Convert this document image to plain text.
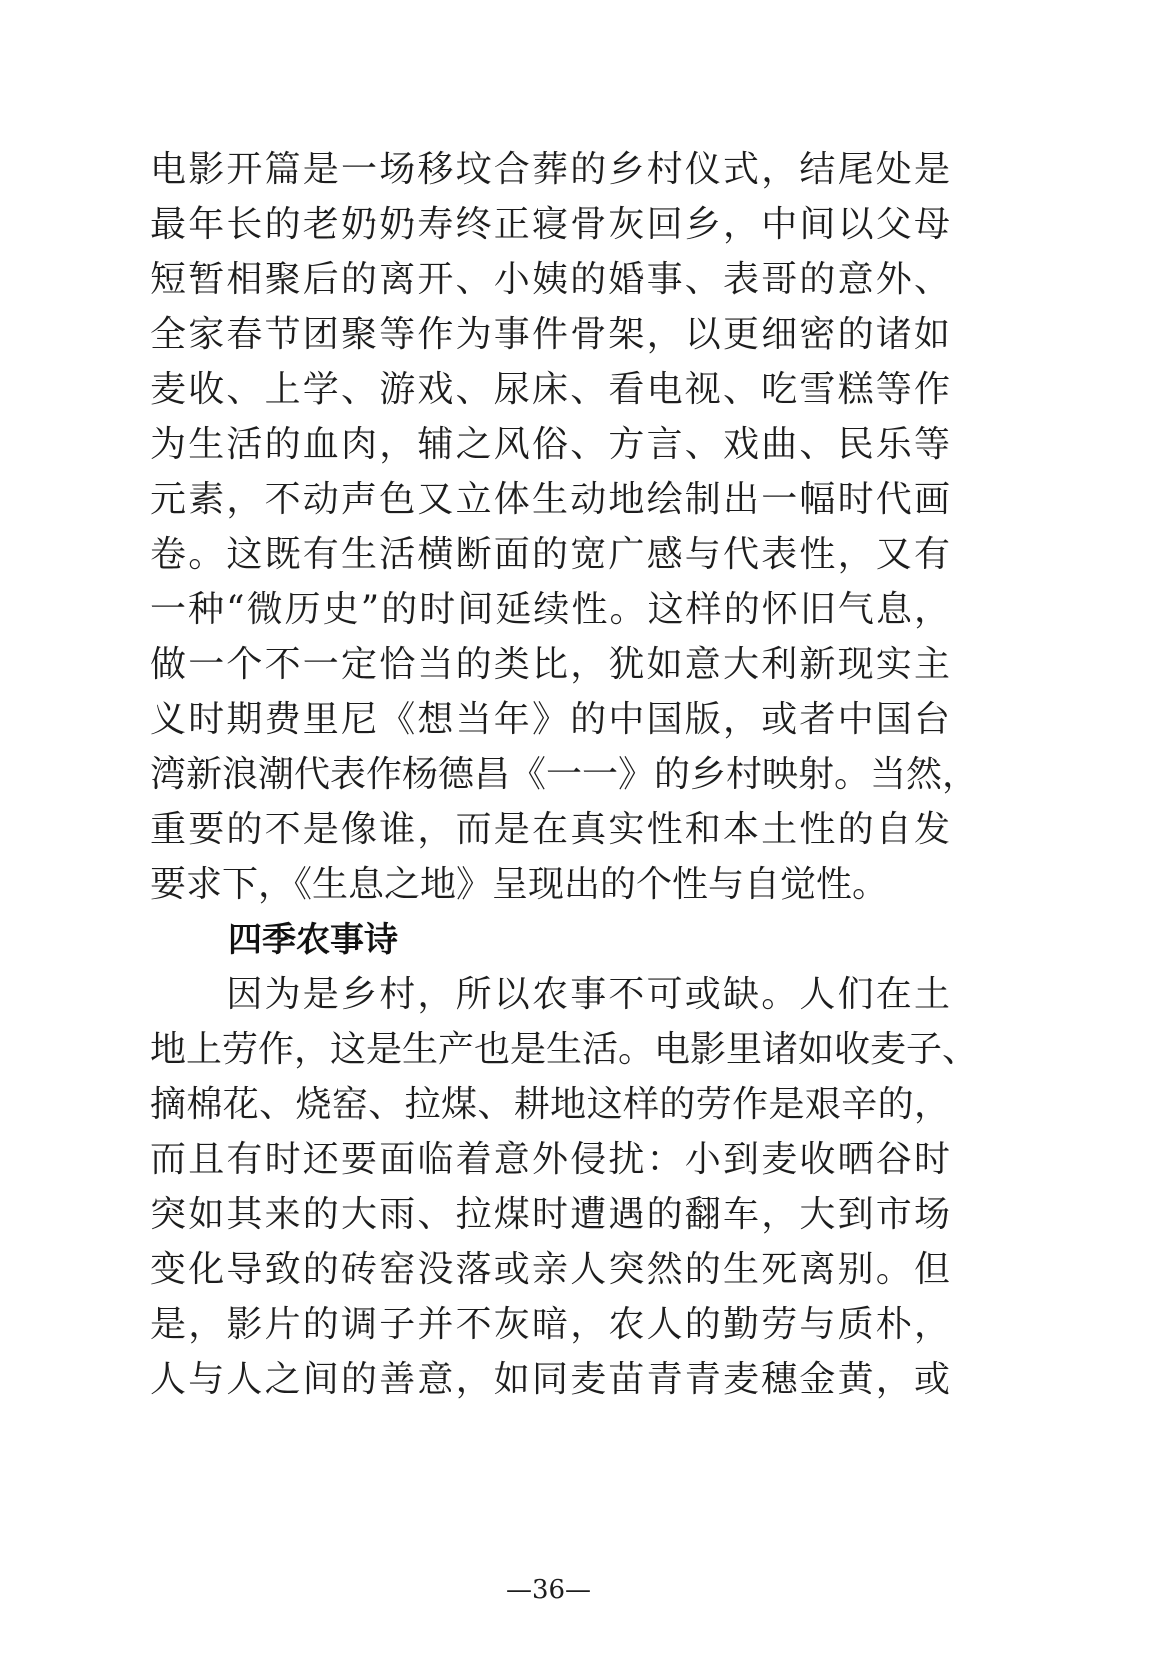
电影开篇是一场移坟合葬的乡村仪式，结尾处是
最年长的老奶奶寿终正寝骨灰回乡，中间以父母
短暂相聚后的离开、小姨的婚事、表哥的意外、
全家春节团聚等作为事件骨架，以更细密的诸如
麦收、上学、游戏、尿床、看电视、吃雪糕等作
为生活的血肉，辅之风俗、方言、戏曲、民乐等
元素，不动声色又立体生动地绘制出一幅时代画
卷。这既有生活横断面的宽广感与代表性，又有
一种“微历史”的时间延续性。这样的怀旧气息，
做一个不一定恰当的类比，犹如意大利新现实主
义时期费里尼《想当年》的中国版，或者中国台
湾新浪潮代表作杨德昌《一一》的乡村映射。当然，
重要的不是像谁，而是在真实性和本土性的自发
要求下，《生息之地》呈现出的个性与自觉性。
四季农事诗
　　因为是乡村，所以农事不可或缺。人们在土
地上劳作，这是生产也是生活。电影里诸如收麦子、
摘棉花、烧窑、拉煤、耕地这样的劳作是艰辛的，
而且有时还要面临着意外侵扰：小到麦收晒谷时
突如其来的大雨、拉煤时遭遇的翻车，大到市场
变化导致的砖窑没落或亲人突然的生死离别。但
是，影片的调子并不灰暗，农人的勤劳与质朴，
人与人之间的善意，如同麦苗青青麦穗金黄，或
—36—
